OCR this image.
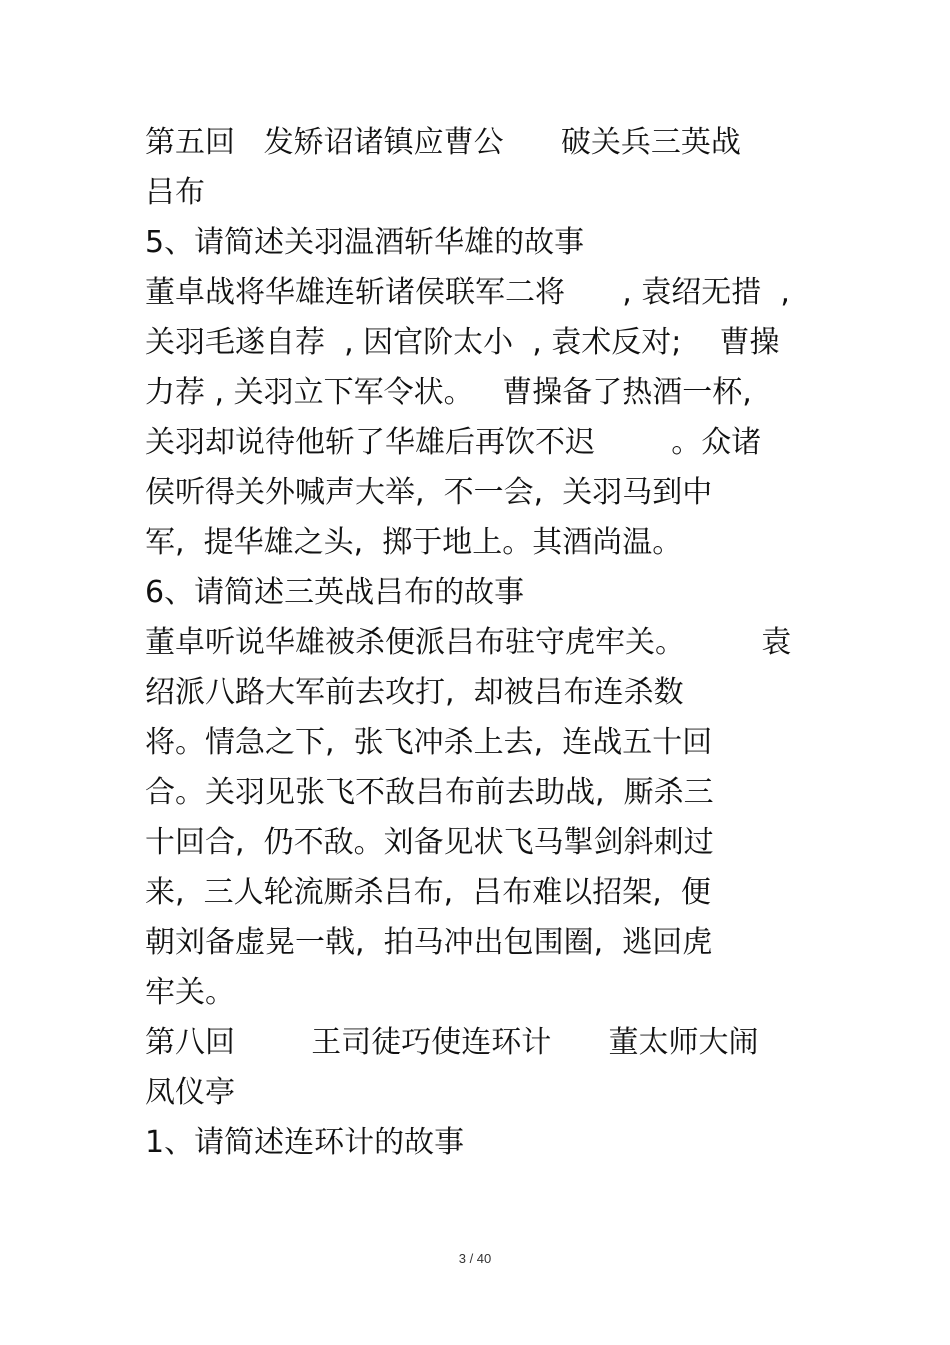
第五回   发矫诏诸镇应曹公      破关兵三英战
吕布
5、请简述关羽温酒斩华雄的故事
董卓战将华雄连斩诸侯联军二将      , 袁绍无措  ,
关羽毛遂自荐  , 因官阶太小  , 袁术反对;    曹操
力荐 , 关羽立下军令状。   曹操备了热酒一杯,
关羽却说待他斩了华雄后再饮不迟        。众诸
侯听得关外喊声大举,  不一会,  关羽马到中
军,  提华雄之头,  掷于地上。其酒尚温。
6、请简述三英战吕布的故事
董卓听说华雄被杀便派吕布驻守虎牢关。        袁
绍派八路大军前去攻打,  却被吕布连杀数
将。情急之下,  张飞冲杀上去,  连战五十回
合。关羽见张飞不敌吕布前去助战,  厮杀三
十回合,  仍不敌。刘备见状飞马掣剑斜刺过
来,  三人轮流厮杀吕布,  吕布难以招架,  便
朝刘备虚晃一戟,  拍马冲出包围圈,  逃回虎
牢关。
第八回        王司徒巧使连环计      董太师大闹
凤仪亭
1、请简述连环计的故事
3 / 40
